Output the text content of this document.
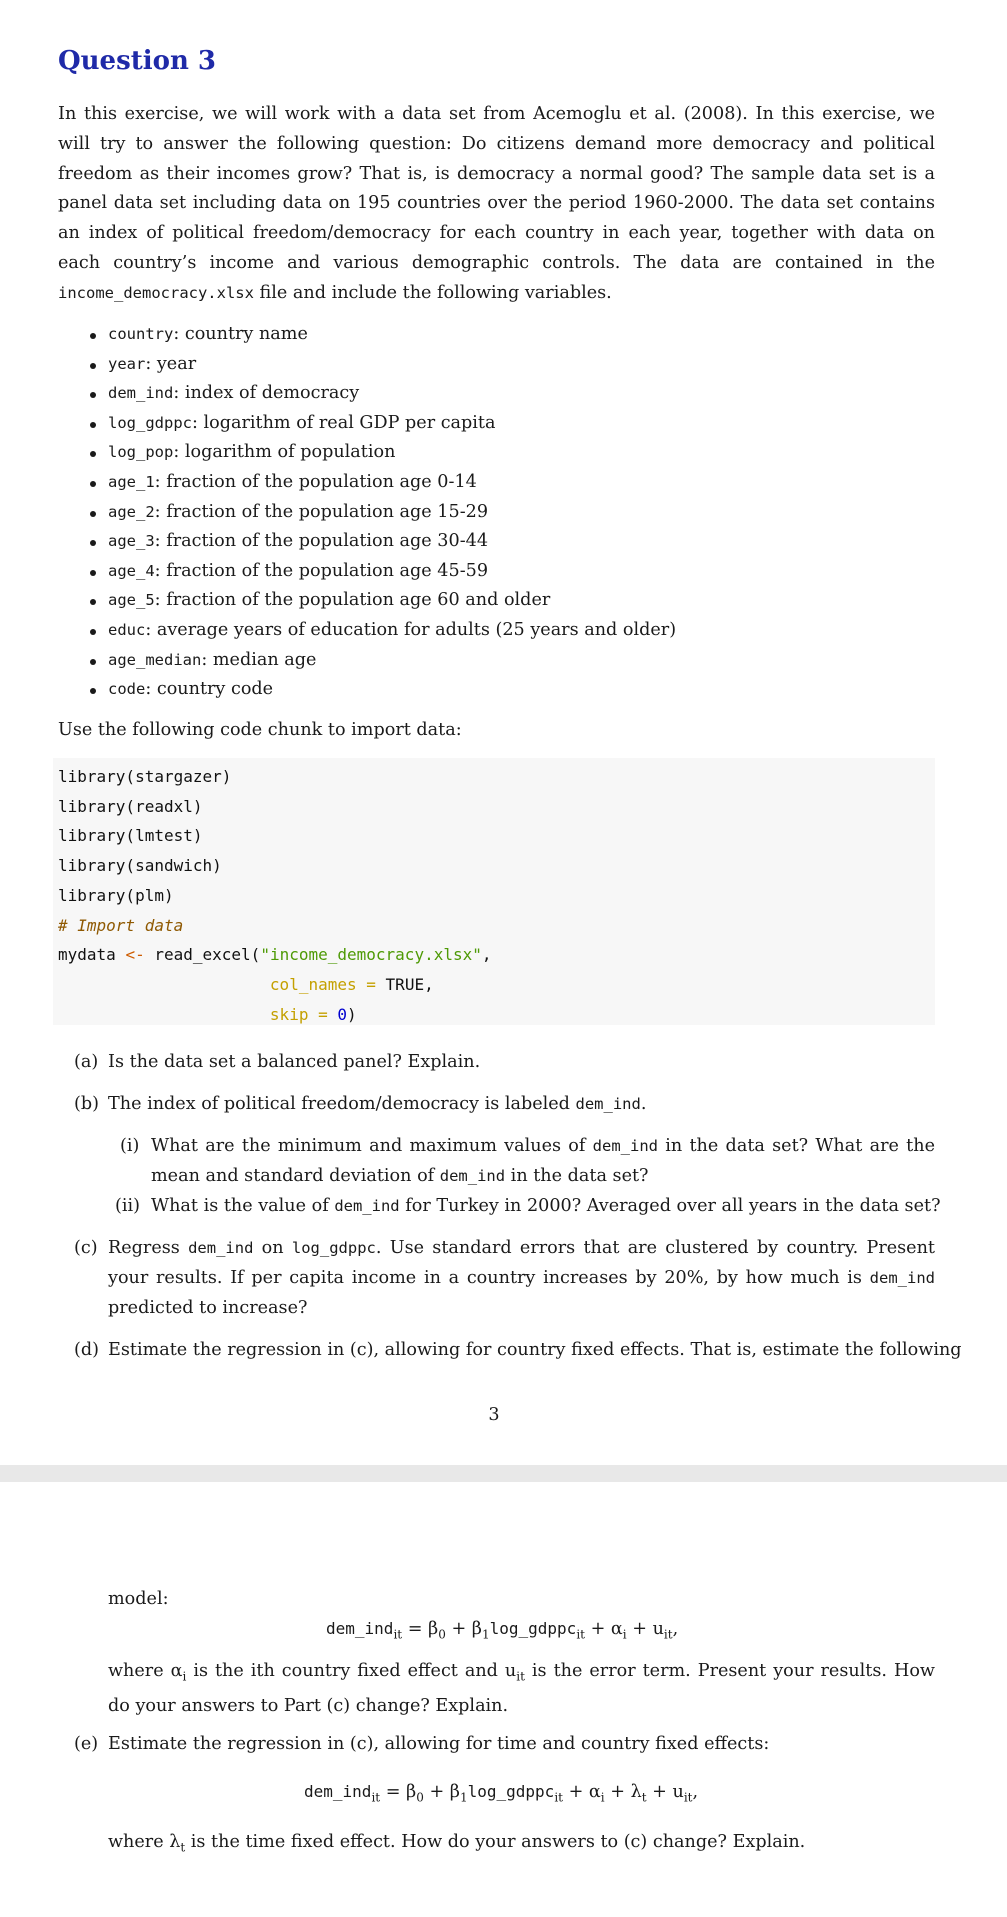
Question 3

In this exercise, we will work with a data set from Acemoglu et al. (2008). In this exercise, we will try to answer the following question: Do citizens demand more democracy and political freedom as their incomes grow? That is, is democracy a normal good? The sample data set is a panel data set including data on 195 countries over the period 1960-2000. The data set contains an index of political freedom/democracy for each country in each year, together with data on each country’s income and various demographic controls. The data are contained in the income_democracy.xlsx file and include the following variables.

country: country name
year: year
dem_ind: index of democracy
log_gdppc: logarithm of real GDP per capita
log_pop: logarithm of population
age_1: fraction of the population age 0-14
age_2: fraction of the population age 15-29
age_3: fraction of the population age 30-44
age_4: fraction of the population age 45-59
age_5: fraction of the population age 60 and older
educ: average years of education for adults (25 years and older)
age_median: median age
code: country code
Use the following code chunk to import data:
library(stargazer)
library(readxl)
library(lmtest)
library(sandwich)
library(plm)
# Import data
mydata <- read_excel("income_democracy.xlsx",
col_names = TRUE,
skip = 0)
(a) Is the data set a balanced panel? Explain.
(b) The index of political freedom/democracy is labeled dem_ind.
(i) What are the minimum and maximum values of dem_ind in the data set? What are the mean and standard deviation of dem_ind in the data set?
(ii) What is the value of dem_ind for Turkey in 2000? Averaged over all years in the data set?
(c) Regress dem_ind on log_gdppc. Use standard errors that are clustered by country. Present your results. If per capita income in a country increases by 20%, by how much is dem_ind predicted to increase?
(d) Estimate the regression in (c), allowing for country fixed effects. That is, estimate the following
3
model:
dem_ind$_{it}$ = $\beta_0$ + $\beta_1\log\_gdppc_{it} + \alpha_i + u_{it}$,
where $\alpha_i$ is the ith country fixed effect and $u_{it}$ is the error term. Present your results. How do your answers to Part (c) change? Explain.
(e) Estimate the regression in (c), allowing for time and country fixed effects:
dem_ind$_{it}$ = $\beta_0$ + $\beta_1\log\_gdppc_{it} + \alpha_i + \lambda_t + u_{it}$,
where $\lambda_t$ is the time fixed effect. How do your answers to (c) change? Explain.
